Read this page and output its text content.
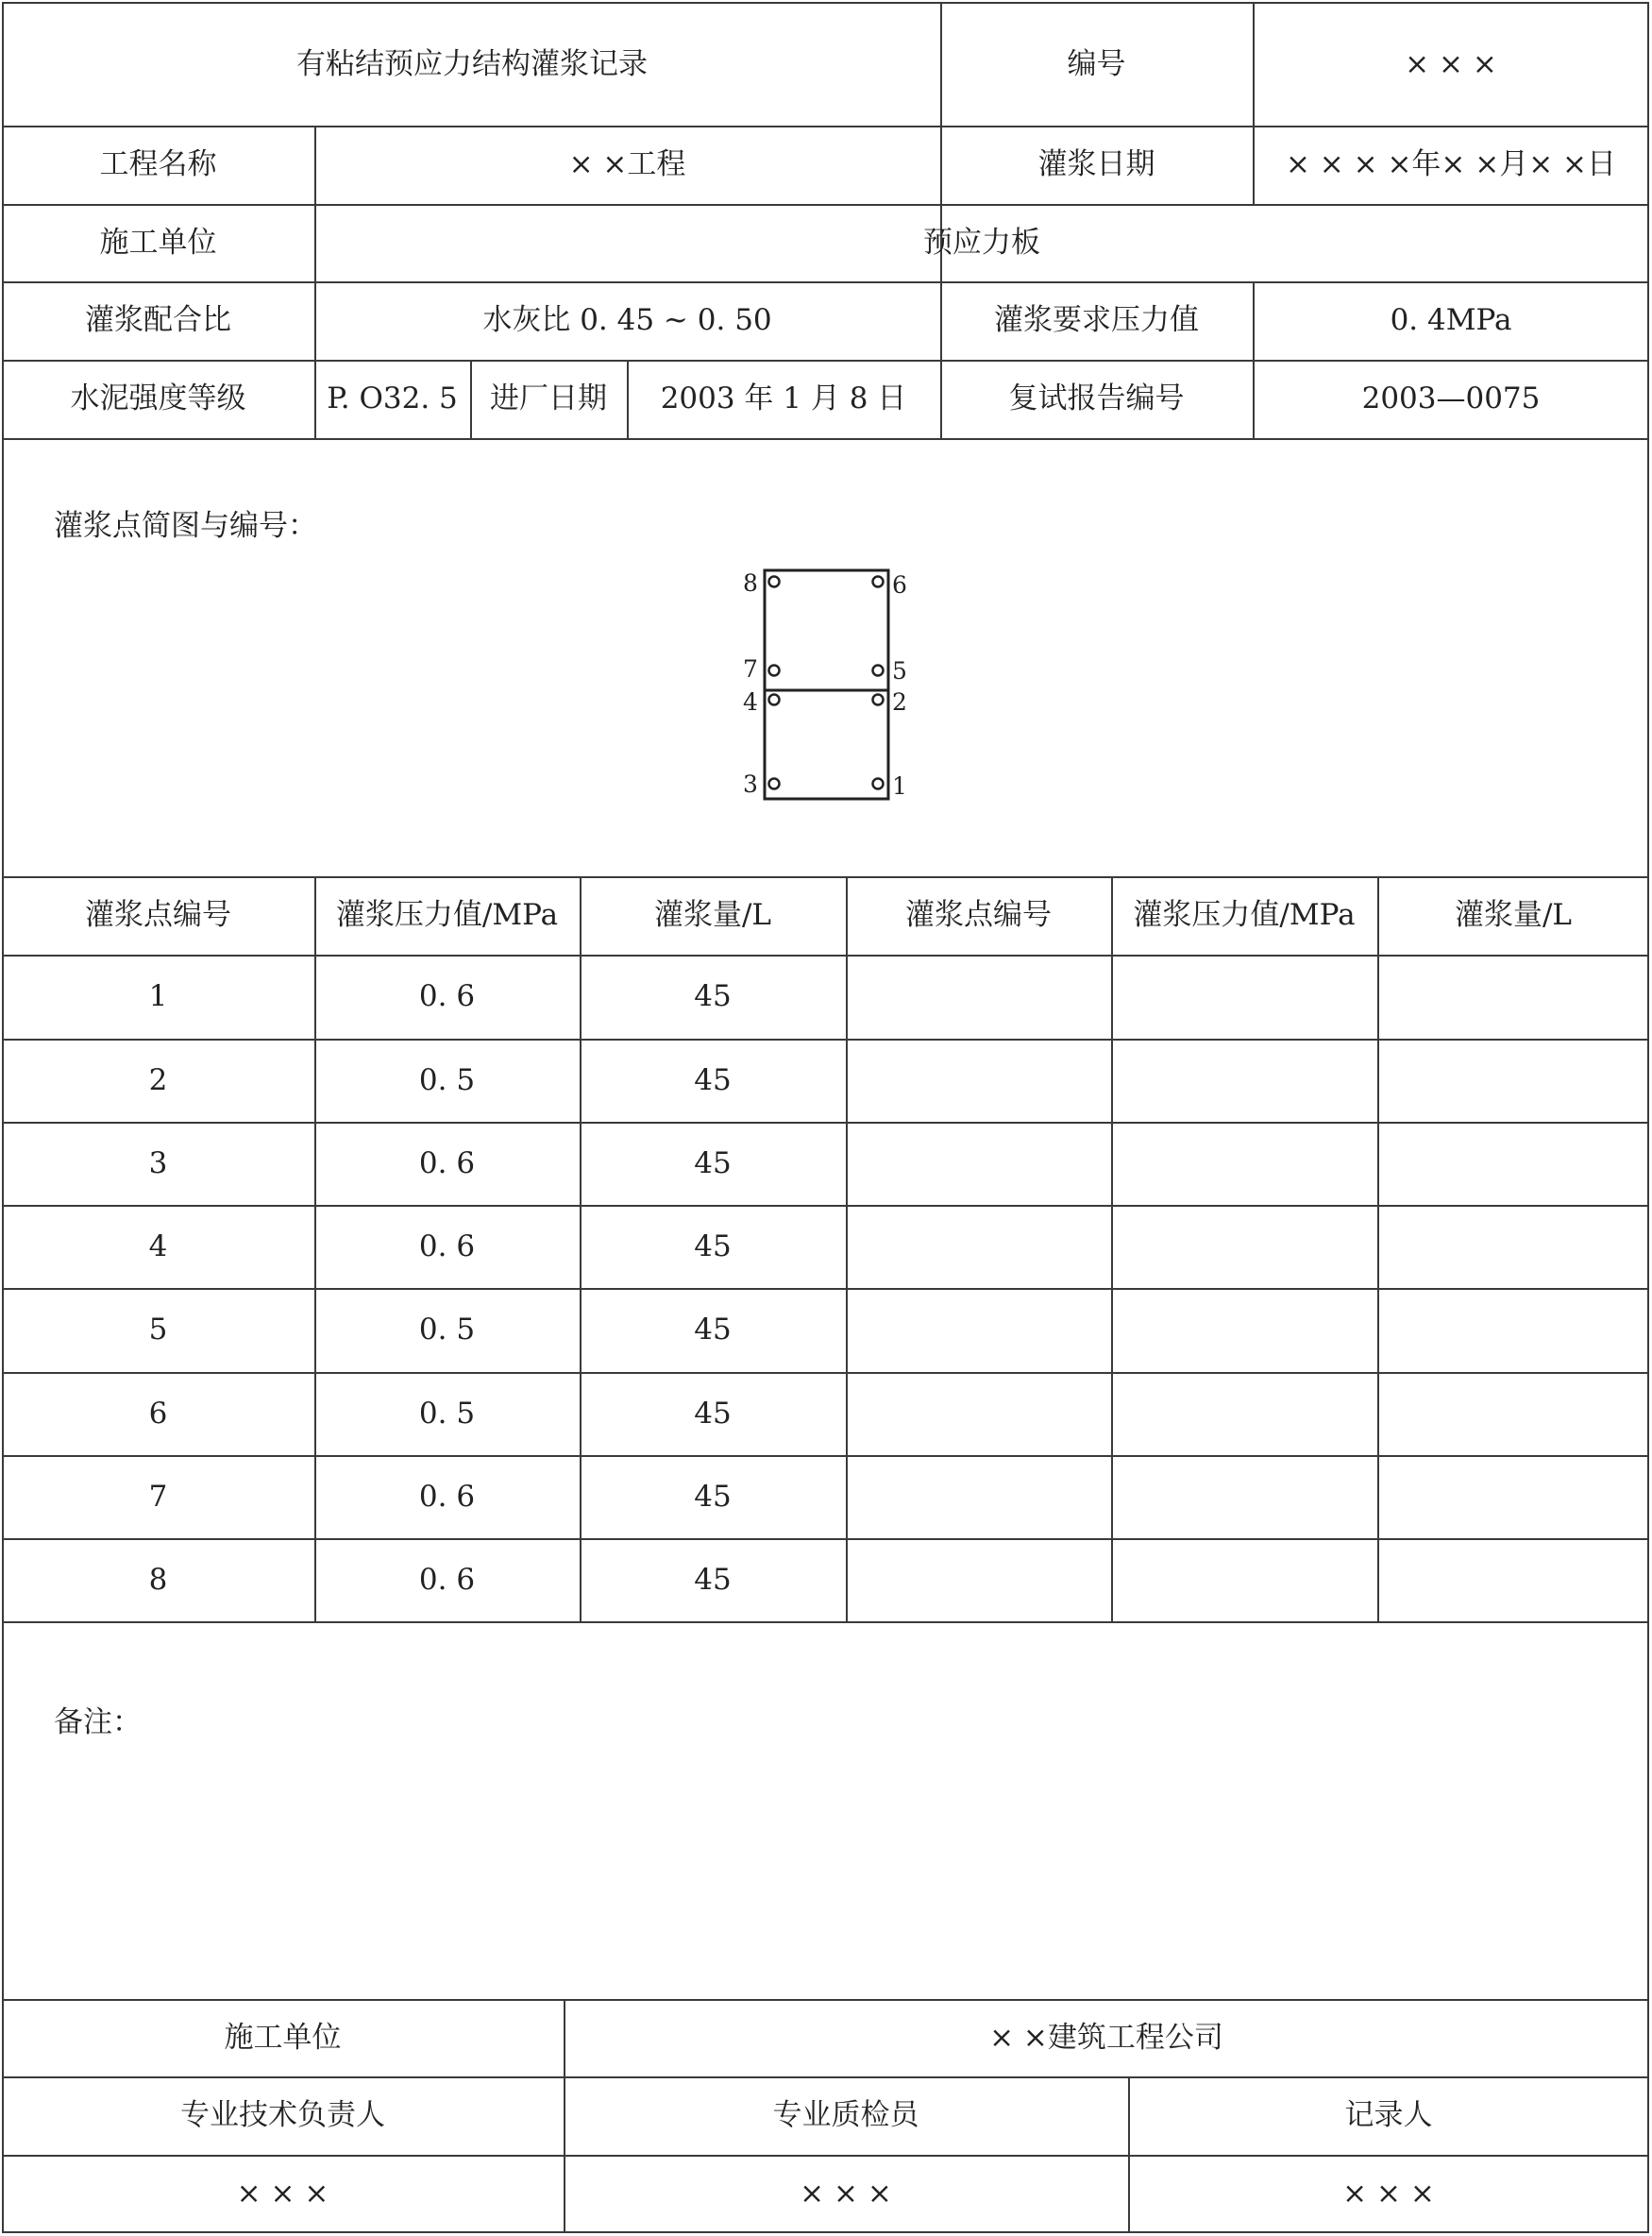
有粘结预应力结构灌浆记录	编号	× × ×
工程名称	× ×工程	灌浆日期	× × × ×年× ×月× ×日
施工单位	预应力板
灌浆配合比	水灰比 0. 45 ~ 0. 50	灌浆要求压力值	0. 4MPa
水泥强度等级	P. O32. 5	进厂日期	2003 年 1 月 8 日	复试报告编号	2003—0075
灌浆点简图与编号：
8	6
7	5
4	2
3	1
灌浆点编号	灌浆压力值/MPa	灌浆量/L	灌浆点编号	灌浆压力值/MPa	灌浆量/L
1	0. 6	45
2	0. 5	45
3	0. 6	45
4	0. 6	45
5	0. 5	45
6	0. 5	45
7	0. 6	45
8	0. 6	45
备注：
施工单位	× ×建筑工程公司
专业技术负责人	专业质检员	记录人
× × ×	× × ×	× × ×
